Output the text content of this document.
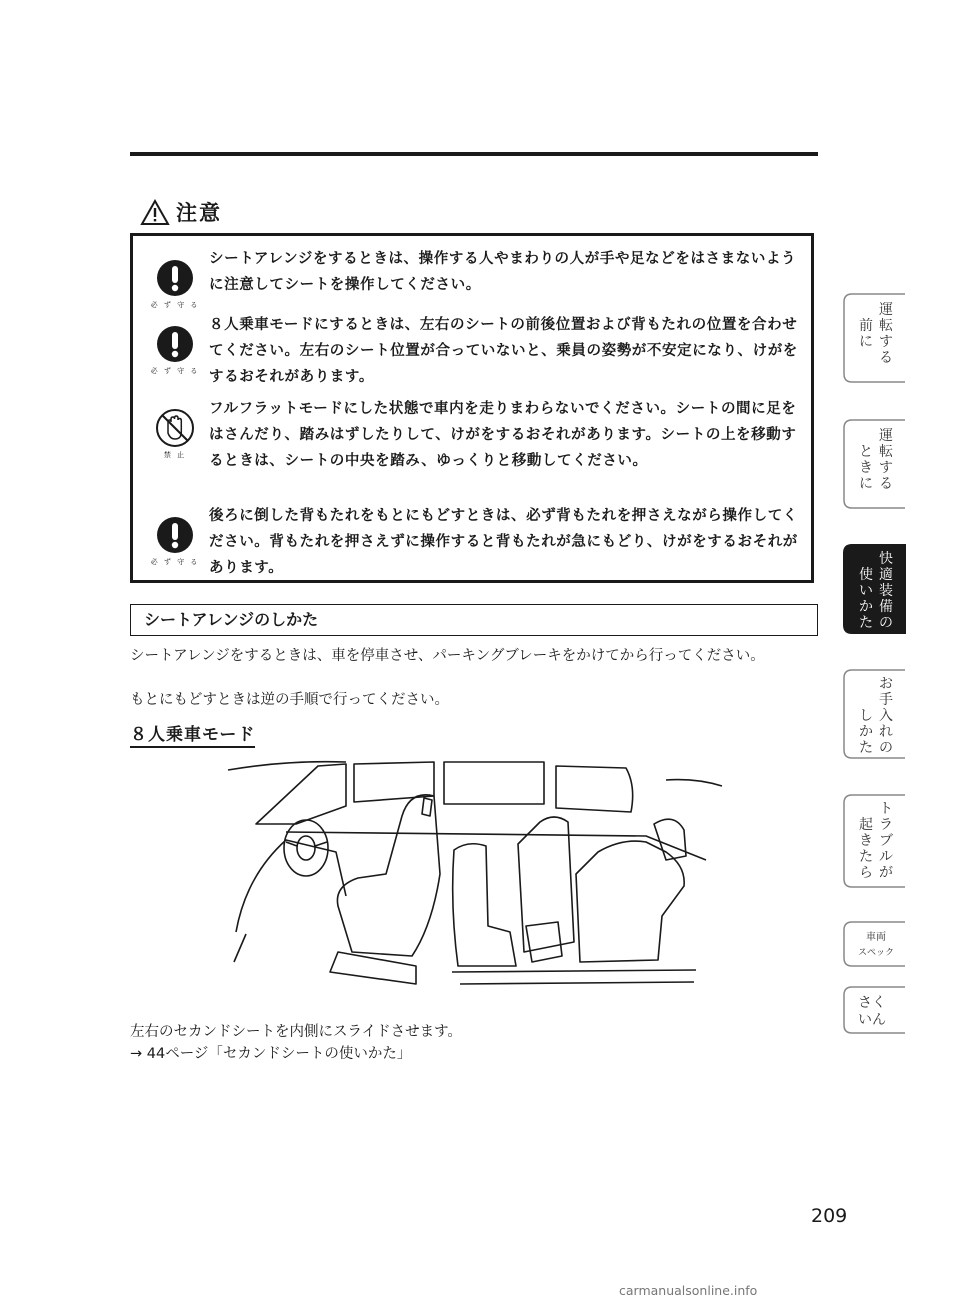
注意
必 ず 守 る
シートアレンジをするときは、操作する人やまわりの人が手や足などをはさまないように注意してシートを操作してください。
必 ず 守 る
８人乗車モードにするときは、左右のシートの前後位置および背もたれの位置を合わせてください。左右のシート位置が合っていないと、乗員の姿勢が不安定になり、けがをするおそれがあります。
禁 止
フルフラットモードにした状態で車内を走りまわらないでください。シートの間に足をはさんだり、踏みはずしたりして、けがをするおそれがあります。シートの上を移動するときは、シートの中央を踏み、ゆっくりと移動してください。
必 ず 守 る
後ろに倒した背もたれをもとにもどすときは、必ず背もたれを押さえながら操作してください。背もたれを押さえずに操作すると背もたれが急にもどり、けがをするおそれがあります。
シートアレンジのしかた
シートアレンジをするときは、車を停車させ、パーキングブレーキをかけてから行ってください。
もとにもどすときは逆の手順で行ってください。
８人乗車モード
左右のセカンドシートを内側にスライドさせます。
→ 44ページ「セカンドシートの使いかた」
運
転
す
る
前
に
運
転
す
る
と
き
に
快
適
装
備
の
使
い
か
た
お
手
入
れ
の
し
か
た
ト
ラ
ブ
ル
が
起
き
た
ら
車両
スペック
さく
いん
209
carmanualsonline.info
